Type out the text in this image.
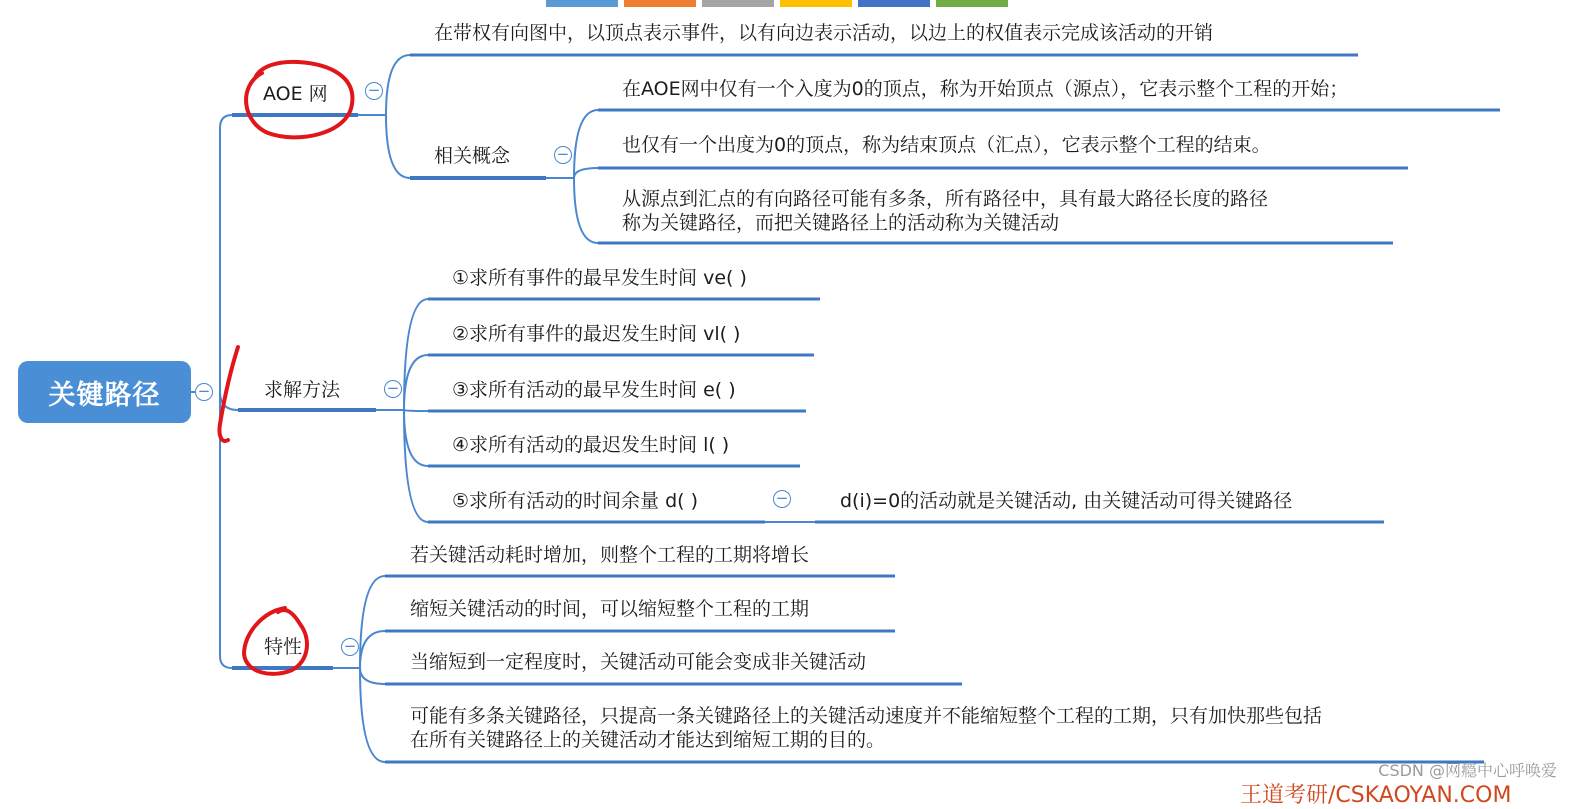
关键路径	−
−
−
−
−
−
AOE 网
求解方法
特性
在带权有向图中，以顶点表示事件，以有向边表示活动，以边上的权值表示完成该活动的开销
相关概念
在AOE网中仅有一个入度为0的顶点，称为开始顶点（源点），它表示整个工程的开始；
也仅有一个出度为0的顶点，称为结束顶点（汇点），它表示整个工程的结束。
从源点到汇点的有向路径可能有多条，所有路径中，具有最大路径长度的路径
称为关键路径，而把关键路径上的活动称为关键活动
①求所有事件的最早发生时间 ve( )
②求所有事件的最迟发生时间 vl( )
③求所有活动的最早发生时间 e( )
④求所有活动的最迟发生时间 l( )
⑤求所有活动的时间余量 d( )	d(i)=0的活动就是关键活动, 由关键活动可得关键路径
若关键活动耗时增加，则整个工程的工期将增长
缩短关键活动的时间，可以缩短整个工程的工期
当缩短到一定程度时，关键活动可能会变成非关键活动
可能有多条关键路径，只提高一条关键路径上的关键活动速度并不能缩短整个工程的工期，只有加快那些包括
在所有关键路径上的关键活动才能达到缩短工期的目的。
王道考研/CSKAOYAN.COM
CSDN @网瘾中心呼唤爱
